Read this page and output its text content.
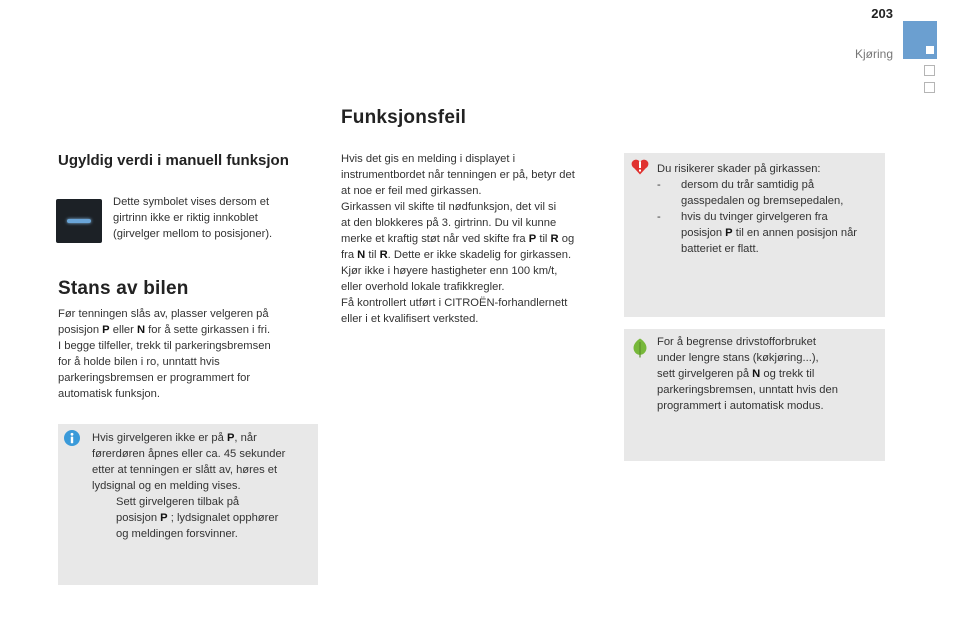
203
Kjøring
Funksjonsfeil
Ugyldig verdi i manuell funksjon
Dette symbolet vises dersom et
girtrinn ikke er riktig innkoblet
(girvelger mellom to posisjoner).
Stans av bilen
Før tenningen slås av, plasser velgeren på
posisjon P eller N for å sette girkassen i fri.
I begge tilfeller, trekk til parkeringsbremsen
for å holde bilen i ro, unntatt hvis
parkeringsbremsen er programmert for
automatisk funksjon.
Hvis girvelgeren ikke er på P, når
førerdøren åpnes eller ca. 45 sekunder
etter at tenningen er slått av, høres et
lydsignal og en melding vises.
Sett girvelgeren tilbak på
posisjon P ; lydsignalet opphører
og meldingen forsvinner.
Hvis det gis en melding i displayet i
instrumentbordet når tenningen er på, betyr det
at noe er feil med girkassen.
Girkassen vil skifte til nødfunksjon, det vil si
at den blokkeres på 3. girtrinn. Du vil kunne
merke et kraftig støt når ved skifte fra P til R og
fra N til R. Dette er ikke skadelig for girkassen.
Kjør ikke i høyere hastigheter enn 100 km/t,
eller overhold lokale trafikkregler.
Få kontrollert utført i CITROËN-forhandlernett
eller i et kvalifisert verksted.
Du risikerer skader på girkassen:
-	dersom du trår samtidig på
gasspedalen og bremsepedalen,
-	hvis du tvinger girvelgeren fra
posisjon P til en annen posisjon når
batteriet er flatt.
For å begrense drivstofforbruket
under lengre stans (køkjøring...),
sett girvelgeren på N og trekk til
parkeringsbremsen, unntatt hvis den
programmert i automatisk modus.
